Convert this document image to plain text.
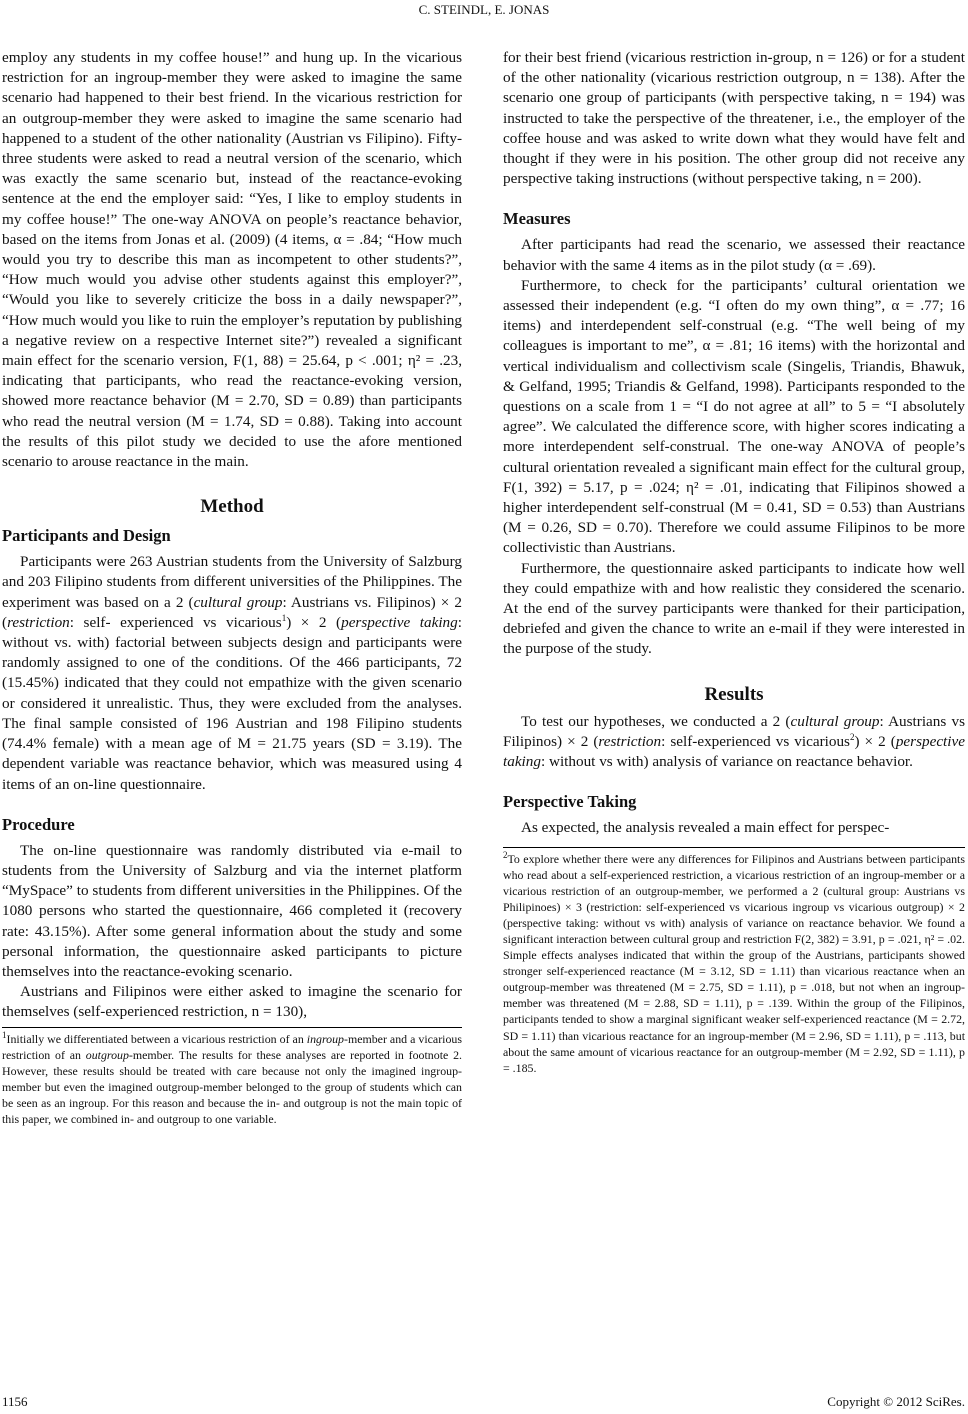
C. STEINDL, E. JONAS

employ any students in my coffee house!” and hung up. In the vicarious restriction for an ingroup-member they were asked to imagine the same scenario had happened to their best friend. In the vicarious restriction for an outgroup-member they were asked to imagine the same scenario had happened to a student of the other nationality (Austrian vs Filipino). Fifty-three students were asked to read a neutral version of the scenario, which was exactly the same scenario but, instead of the reactance-evoking sentence at the end the employer said: “Yes, I like to employ students in my coffee house!” The one-way ANOVA on people’s reactance behavior, based on the items from Jonas et al. (2009) (4 items, α = .84; “How much would you try to describe this man as incompetent to other students?”, “How much would you advise other students against this employer?”, “Would you like to severely criticize the boss in a daily newspaper?”, “How much would you like to ruin the employer’s reputation by publishing a negative review on a respective Internet site?”) revealed a significant main effect for the scenario version, F(1, 88) = 25.64, p < .001; η² = .23, indicating that participants, who read the reactance-evoking version, showed more reactance behavior (M = 2.70, SD = 0.89) than participants who read the neutral version (M = 1.74, SD = 0.88). Taking into account the results of this pilot study we decided to use the afore mentioned scenario to arouse reactance in the main.

Method
Participants and Design

Participants were 263 Austrian students from the University of Salzburg and 203 Filipino students from different universities of the Philippines. The experiment was based on a 2 (cultural group: Austrians vs. Filipinos) × 2 (restriction: self- experienced vs vicarious$^1$) × 2 (perspective taking: without vs. with) factorial between subjects design and participants were randomly assigned to one of the conditions. Of the 466 participants, 72 (15.45%) indicated that they could not empathize with the given scenario or considered it unrealistic. Thus, they were excluded from the analyses. The final sample consisted of 196 Austrian and 198 Filipino students (74.4% female) with a mean age of M = 21.75 years (SD = 3.19). The dependent variable was reactance behavior, which was measured using 4 items of an on-line questionnaire.

Procedure

The on-line questionnaire was randomly distributed via e-mail to students from the University of Salzburg and via the internet platform “MySpace” to students from different universities in the Philippines. Of the 1080 persons who started the questionnaire, 466 completed it (recovery rate: 43.15%). After some general information about the study and some personal information, the questionnaire asked participants to picture themselves into the reactance-evoking scenario.

Austrians and Filipinos were either asked to imagine the scenario for themselves (self-experienced restriction, n = 130),

$^1$Initially we differentiated between a vicarious restriction of an ingroup-member and a vicarious restriction of an outgroup-member. The results for these analyses are reported in footnote 2. However, these results should be treated with care because not only the imagined ingroup-member but even the imagined outgroup-member belonged to the group of students which can be seen as an ingroup. For this reason and because the in- and outgroup is not the main topic of this paper, we combined in- and outgroup to one variable.

for their best friend (vicarious restriction in-group, n = 126) or for a student of the other nationality (vicarious restriction outgroup, n = 138). After the scenario one group of participants (with perspective taking, n = 194) was instructed to take the perspective of the threatener, i.e., the employer of the coffee house and was asked to write down what they would have felt and thought if they were in his position. The other group did not receive any perspective taking instructions (without perspective taking, n = 200).

Measures

After participants had read the scenario, we assessed their reactance behavior with the same 4 items as in the pilot study (α = .69).

Furthermore, to check for the participants’ cultural orientation we assessed their independent (e.g. “I often do my own thing”, α = .77; 16 items) and interdependent self-construal (e.g. “The well being of my colleagues is important to me”, α = .81; 16 items) with the horizontal and vertical individualism and collectivism scale (Singelis, Triandis, Bhawuk, & Gelfand, 1995; Triandis & Gelfand, 1998). Participants responded to the questions on a scale from 1 = “I do not agree at all” to 5 = “I absolutely agree”. We calculated the difference score, with higher scores indicating a more interdependent self-construal. The one-way ANOVA of people’s cultural orientation revealed a significant main effect for the cultural group, F(1, 392) = 5.17, p = .024; η² = .01, indicating that Filipinos showed a higher interdependent self-construal (M = 0.41, SD = 0.53) than Austrians (M = 0.26, SD = 0.70). Therefore we could assume Filipinos to be more collectivistic than Austrians.

Furthermore, the questionnaire asked participants to indicate how well they could empathize with and how realistic they considered the scenario. At the end of the survey participants were thanked for their participation, debriefed and given the chance to write an e-mail if they were interested in the purpose of the study.

Results

To test our hypotheses, we conducted a 2 (cultural group: Austrians vs Filipinos) × 2 (restriction: self-experienced vs vicarious$^2$) × 2 (perspective taking: without vs with) analysis of variance on reactance behavior.

Perspective Taking

As expected, the analysis revealed a main effect for perspec-

$^2$To explore whether there were any differences for Filipinos and Austrians between participants who read about a self-experienced restriction, a vicarious restriction of an ingroup-member or a vicarious restriction of an outgroup-member, we performed a 2 (cultural group: Austrians vs Philipinoes) × 3 (restriction: self-experienced vs vicarious ingroup vs vicarious outgroup) × 2 (perspective taking: without vs with) analysis of variance on reactance behavior. We found a significant interaction between cultural group and restriction F(2, 382) = 3.91, p = .021, η² = .02. Simple effects analyses indicated that within the group of the Austrians, participants showed stronger self-experienced reactance (M = 3.12, SD = 1.11) than vicarious reactance when an outgroup-member was threatened (M = 2.75, SD = 1.11), p = .018, but not when an ingroup-member was threatened (M = 2.88, SD = 1.11), p = .139. Within the group of the Filipinos, participants tended to show a marginal significant weaker self-experienced reactance (M = 2.72, SD = 1.11) than vicarious reactance for an ingroup-member (M = 2.96, SD = 1.11), p = .113, but about the same amount of vicarious reactance for an outgroup-member (M = 2.92, SD = 1.11), p = .185.

1156	Copyright © 2012 SciRes.
